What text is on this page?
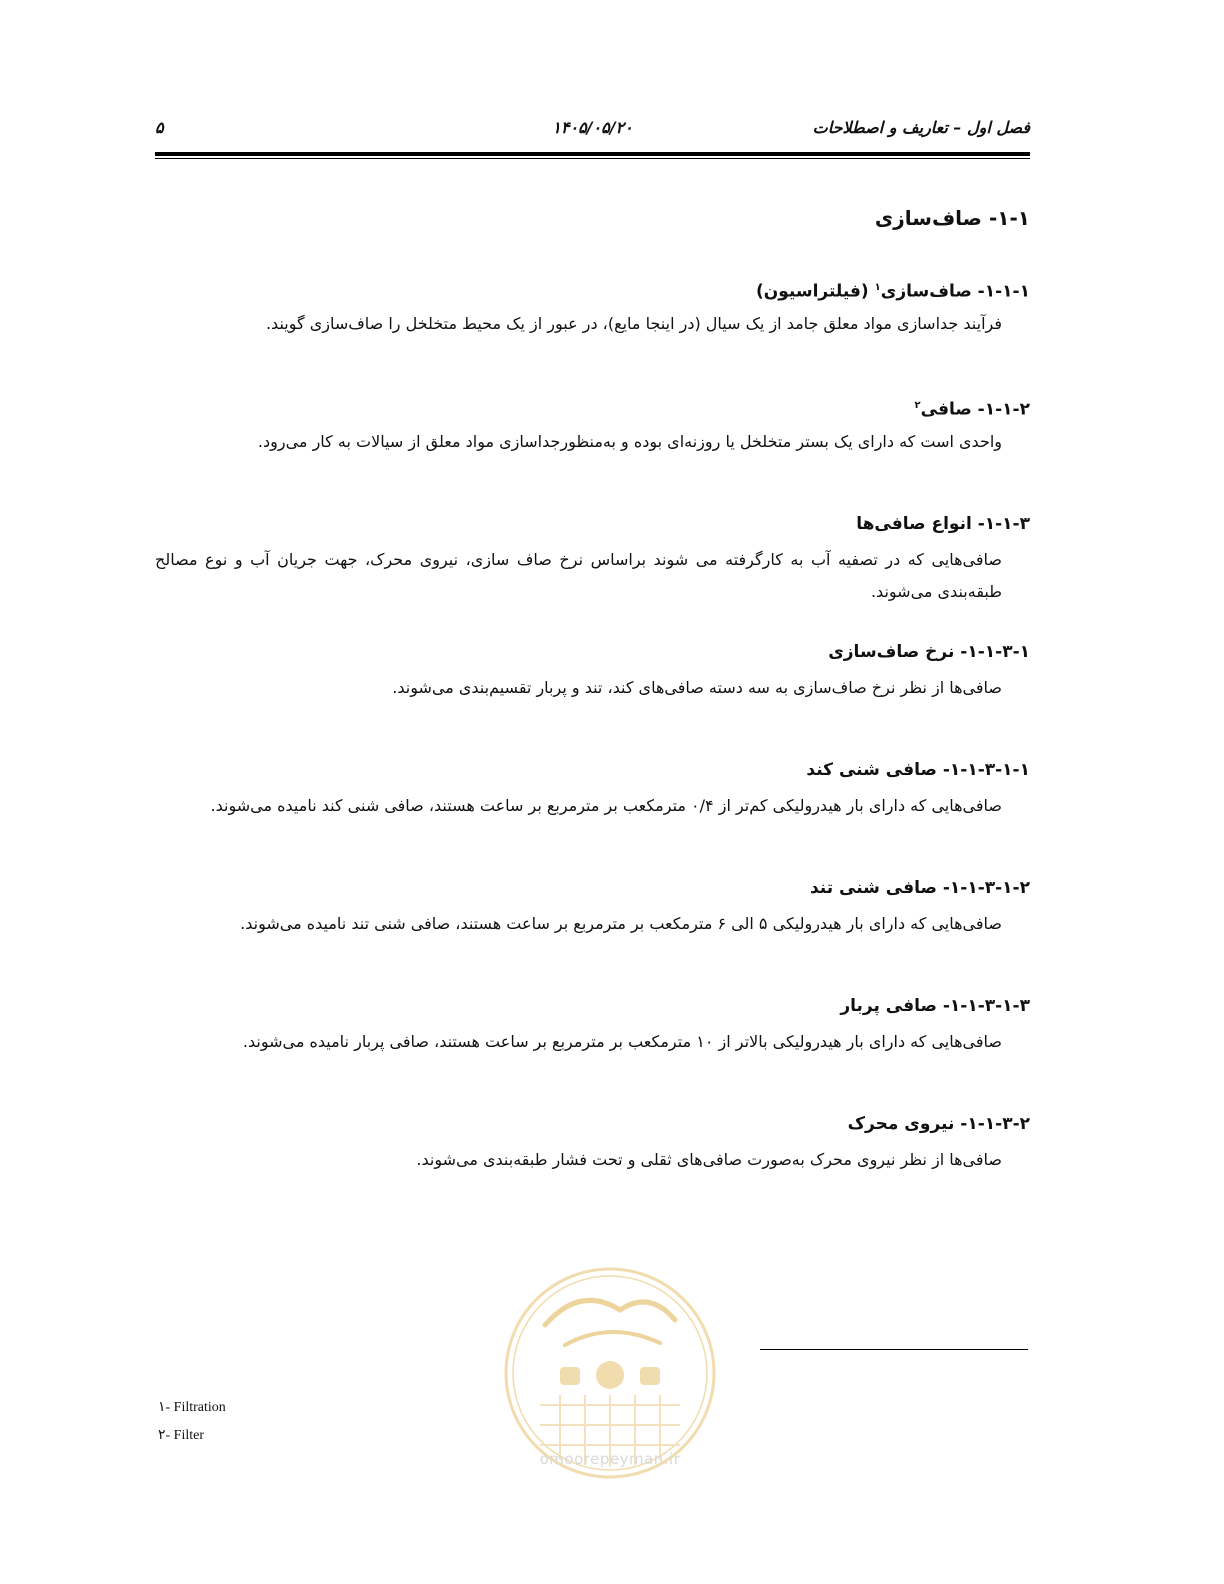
فصل اول – تعاریف و اصطلاحات
۱۴۰۵/۰۵/۲۰
۵
۱-۱- صاف‌سازی
۱-۱-۱- صاف‌سازی$^۱$ (فیلتراسیون)

فرآیند جداسازی مواد معلق جامد از یک سیال (در اینجا مایع)، در عبور از یک محیط متخلخل را صاف‌سازی گویند.

۱-۱-۲- صافی$^۲$

واحدی است که دارای یک بستر متخلخل یا روزنه‌ای بوده و به‌منظورجداسازی مواد معلق از سیالات به کار می‌رود.

۱-۱-۳- انواع صافی‌ها

صافی‌هایی که در تصفیه آب به کارگرفته می شوند براساس نرخ صاف سازی، نیروی محرک، جهت جریان آب و نوع مصالح طبقه‌بندی می‌شوند.

۱-۱-۳-۱- نرخ صاف‌سازی

صافی‌ها از نظر نرخ صاف‌سازی به سه دسته صافی‌های کند، تند و پربار تقسیم‌بندی می‌شوند.

۱-۱-۳-۱-۱- صافی شنی کند

صافی‌هایی که دارای بار هیدرولیکی کم‌تر از ۰/۴ مترمکعب بر مترمربع بر ساعت هستند، صافی شنی کند نامیده می‌شوند.

۱-۱-۳-۱-۲- صافی شنی تند

صافی‌هایی که دارای بار هیدرولیکی ۵ الی ۶ مترمکعب بر مترمربع بر ساعت هستند، صافی شنی تند نامیده می‌شوند.

۱-۱-۳-۱-۳- صافی پربار

صافی‌هایی که دارای بار هیدرولیکی بالاتر از ۱۰ مترمکعب بر مترمربع بر ساعت هستند، صافی پربار نامیده می‌شوند.

۱-۱-۳-۲- نیروی محرک

صافی‌ها از نظر نیروی محرک به‌صورت صافی‌های ثقلی و تحت فشار طبقه‌بندی می‌شوند.

omoorepeyman.ir
۱- Filtration
۲- Filter
